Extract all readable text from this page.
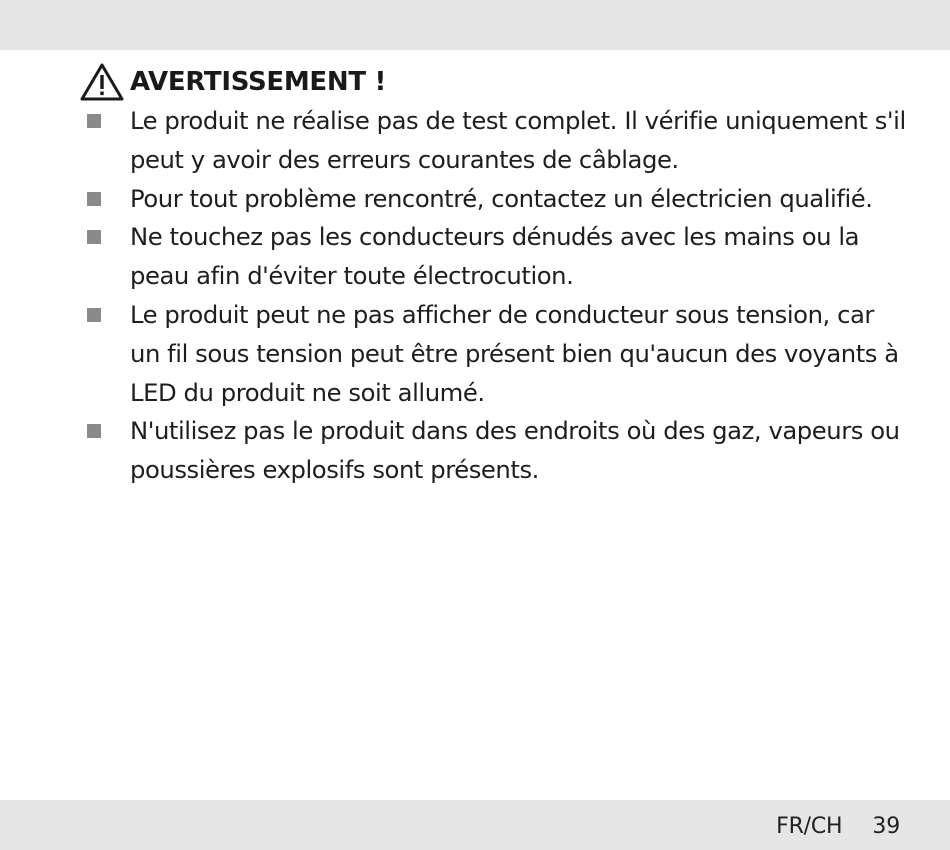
AVERTISSEMENT !
Le produit ne réalise pas de test complet. Il vérifie uniquement s'il peut y avoir des erreurs courantes de câblage.
Pour tout problème rencontré, contactez un électricien qualifié.
Ne touchez pas les conducteurs dénudés avec les mains ou la peau afin d'éviter toute électrocution.
Le produit peut ne pas afficher de conducteur sous tension, car un fil sous tension peut être présent bien qu'aucun des voyants à LED du produit ne soit allumé.
N'utilisez pas le produit dans des endroits où des gaz, vapeurs ou poussières explosifs sont présents.
FR/CH 39
